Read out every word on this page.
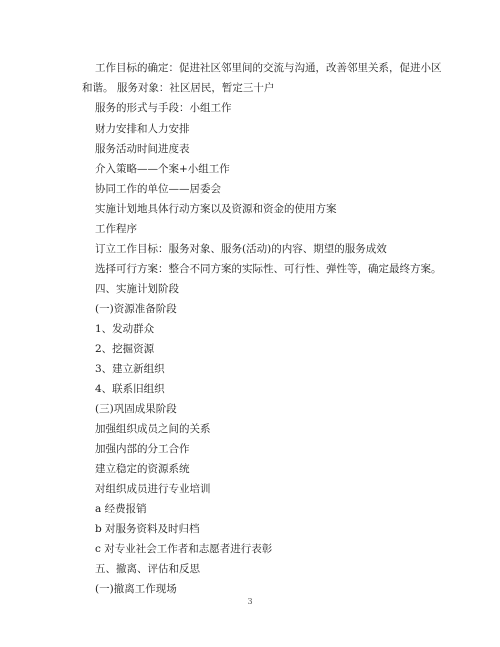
工作目标的确定：促进社区邻里间的交流与沟通，改善邻里关系，促进小区
和谐。 服务对象：社区居民，暂定三十户
服务的形式与手段：小组工作
财力安排和人力安排
服务活动时间进度表
介入策略——个案+小组工作
协同工作的单位——居委会
实施计划地具体行动方案以及资源和资金的使用方案
工作程序
订立工作目标：服务对象、服务(活动)的内容、期望的服务成效
选择可行方案：整合不同方案的实际性、可行性、弹性等，确定最终方案。
四、实施计划阶段
(一)资源准备阶段
1、发动群众
2、挖掘资源
3、建立新组织
4、联系旧组织
(三)巩固成果阶段
加强组织成员之间的关系
加强内部的分工合作
建立稳定的资源系统
对组织成员进行专业培训
a 经费报销
b 对服务资料及时归档
c 对专业社会工作者和志愿者进行表彰
五、撤离、评估和反思
(一)撤离工作现场
3
